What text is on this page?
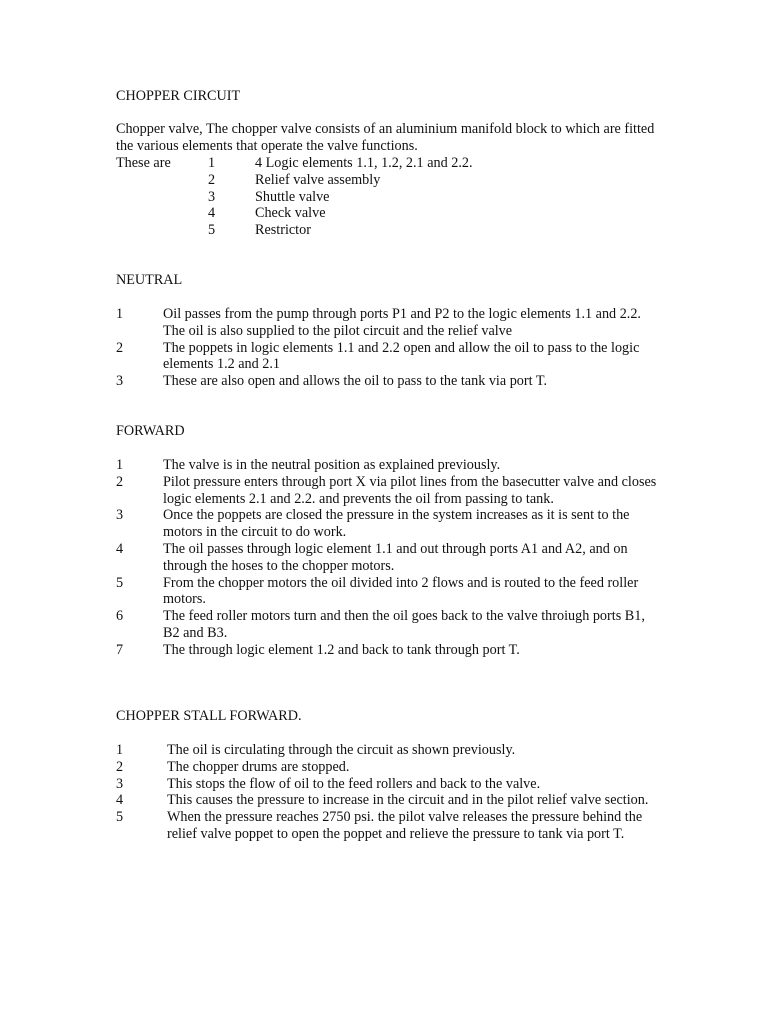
CHOPPER CIRCUIT
Chopper valve, The chopper valve consists of an aluminium manifold block to which are fitted the various elements that operate the valve functions.
These are	1	4 Logic elements 1.1, 1.2, 2.1 and 2.2.
2	Relief valve assembly
3	Shuttle valve
4	Check valve
5	Restrictor
NEUTRAL
1	Oil passes from the pump through ports P1 and P2 to the logic elements 1.1 and 2.2. The oil is also supplied to the pilot circuit and the relief valve
2	The poppets in logic elements 1.1 and 2.2 open and allow the oil to pass to the logic elements 1.2 and 2.1
3	These are also open and allows the oil to pass to the tank via port T.
FORWARD
1	The valve is in the neutral position as explained previously.
2	Pilot pressure enters through port X via pilot lines from the basecutter valve and closes logic elements 2.1 and 2.2. and prevents the oil from passing to tank.
3	Once the poppets are closed the pressure in the system increases as it is sent to the motors in the circuit to do work.
4	The oil passes through logic element 1.1 and out through ports A1 and A2, and on through the hoses to the chopper motors.
5	From the chopper motors the oil divided into 2 flows and is routed to the feed roller motors.
6	The feed roller motors turn and then the oil goes back to the valve throiugh ports B1, B2 and B3.
7	The through logic element 1.2 and back to tank through port T.
CHOPPER STALL FORWARD.
1	The oil is circulating through the circuit as shown previously.
2	The chopper drums are stopped.
3	This stops the flow of oil to the feed rollers and back to the valve.
4	This causes the pressure to increase in the circuit and in the pilot relief valve section.
5	When the pressure reaches 2750 psi. the pilot valve releases the pressure behind the relief valve poppet to open the poppet and relieve the pressure to tank via port T.
